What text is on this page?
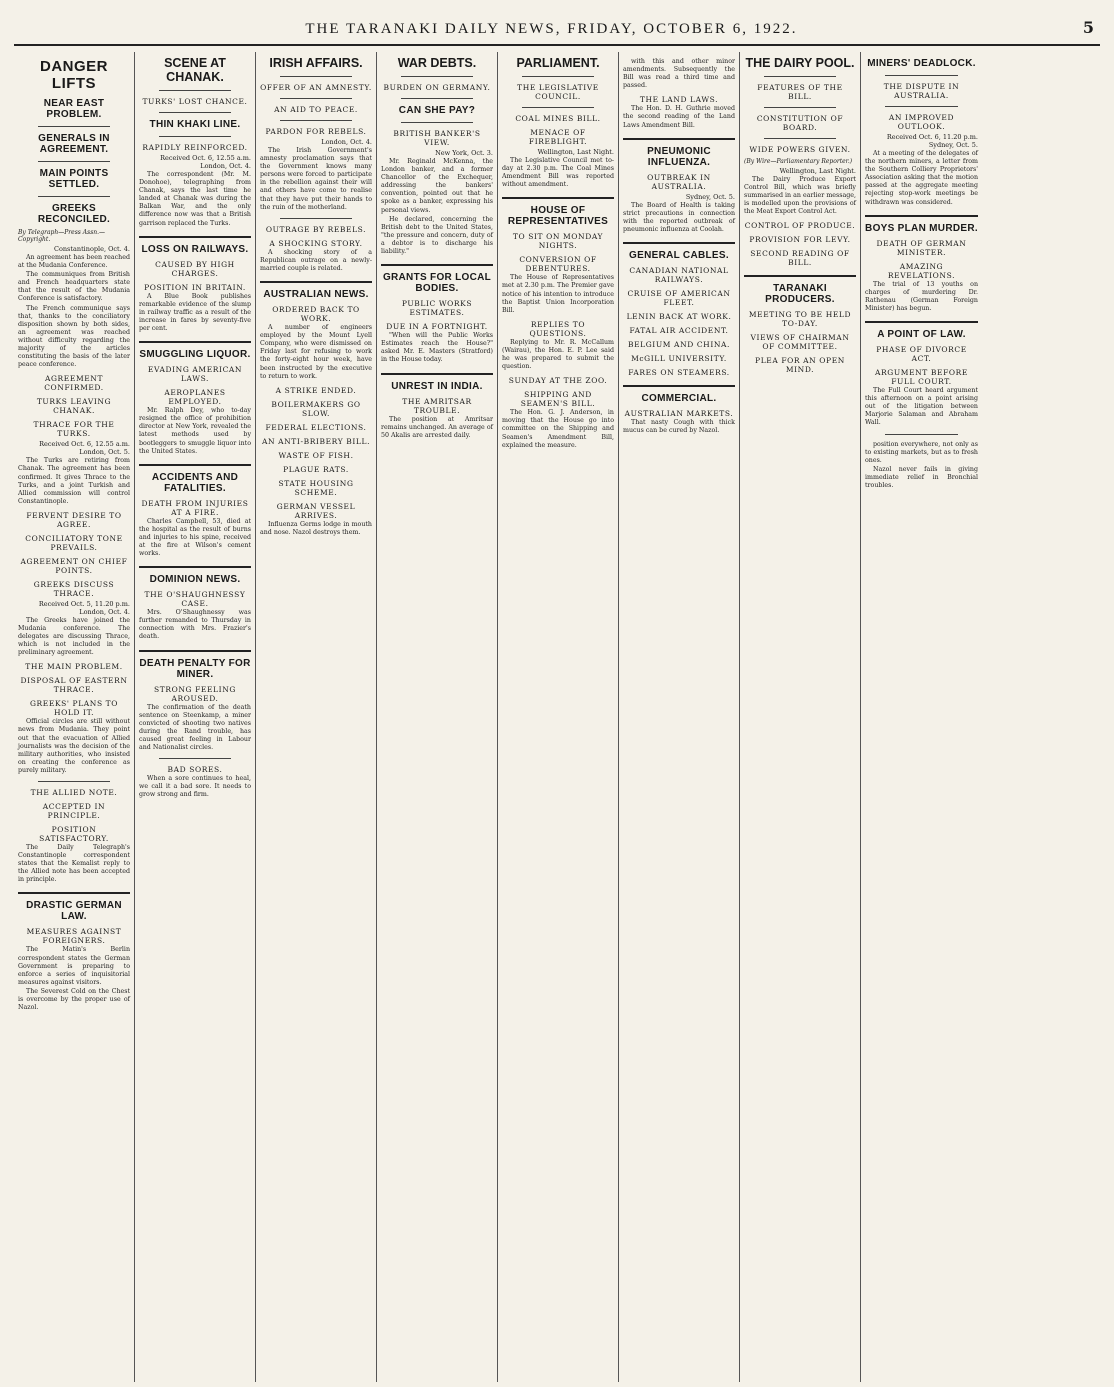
THE TARANAKI DAILY NEWS, FRIDAY, OCTOBER 6, 1922.	5

DANGER LIFTS

NEAR EAST PROBLEM.

GENERALS IN AGREEMENT.

MAIN POINTS SETTLED.

GREEKS RECONCILED.

By Telegraph—Press Assn.—Copyright.

Constantinople, Oct. 4.

An agreement has been reached at the Mudania Conference.

The communiques from British and French headquarters state that the result of the Mudania Conference is satisfactory.

The French communique says that, thanks to the conciliatory disposition shown by both sides, an agreement was reached without difficulty regarding the majority of the articles constituting the basis of the later peace conference.

AGREEMENT CONFIRMED.

TURKS LEAVING CHANAK.

THRACE FOR THE TURKS.

Received Oct. 6, 12.55 a.m. London, Oct. 5.

The Turks are retiring from Chanak. The agreement has been confirmed. It gives Thrace to the Turks, and a joint Turkish and Allied commission will control Constantinople.

FERVENT DESIRE TO AGREE.

CONCILIATORY TONE PREVAILS.

AGREEMENT ON CHIEF POINTS.

GREEKS DISCUSS THRACE.

Received Oct. 5, 11.20 p.m. London, Oct. 4.

The Greeks have joined the Mudania conference. The delegates are discussing Thrace, which is not included in the preliminary agreement.

THE MAIN PROBLEM.

DISPOSAL OF EASTERN THRACE.

GREEKS' PLANS TO HOLD IT.

Official circles are still without news from Mudania. They point out that the evacuation of Allied journalists was the decision of the military authorities, who insisted on creating the conference as purely military.

THE ALLIED NOTE.

ACCEPTED IN PRINCIPLE.

POSITION SATISFACTORY.

The Daily Telegraph's Constantinople correspondent states that the Kemalist reply to the Allied note has been accepted in principle.

DRASTIC GERMAN LAW.

MEASURES AGAINST FOREIGNERS.

The Matin's Berlin correspondent states the German Government is preparing to enforce a series of inquisitorial measures against visitors.

The Severest Cold on the Chest is overcome by the proper use of Nazol.

SCENE AT CHANAK.

TURKS' LOST CHANCE.

THIN KHAKI LINE.

RAPIDLY REINFORCED.

Received Oct. 6, 12.55 a.m. London, Oct. 4.

The correspondent (Mr. M. Donohoe), telegraphing from Chanak, says the last time he landed at Chanak was during the Balkan War, and the only difference now was that a British garrison replaced the Turks.

LOSS ON RAILWAYS.

CAUSED BY HIGH CHARGES.

POSITION IN BRITAIN.

A Blue Book publishes remarkable evidence of the slump in railway traffic as a result of the increase in fares by seventy-five per cent.

SMUGGLING LIQUOR.

EVADING AMERICAN LAWS.

AEROPLANES EMPLOYED.

Mr. Ralph Dey, who to-day resigned the office of prohibition director at New York, revealed the latest methods used by bootleggers to smuggle liquor into the United States.

ACCIDENTS AND FATALITIES.

DEATH FROM INJURIES AT A FIRE.

Charles Campbell, 53, died at the hospital as the result of burns and injuries to his spine, received at the fire at Wilson's cement works.

DOMINION NEWS.

THE O'SHAUGHNESSY CASE.

Mrs. O'Shaughnessy was further remanded to Thursday in connection with Mrs. Frazier's death.

DEATH PENALTY FOR MINER.

STRONG FEELING AROUSED.

The confirmation of the death sentence on Steenkamp, a miner convicted of shooting two natives during the Rand trouble, has caused great feeling in Labour and Nationalist circles.

BAD SORES.

When a sore continues to heal, we call it a bad sore. It needs to grow strong and firm.

IRISH AFFAIRS.

OFFER OF AN AMNESTY.

AN AID TO PEACE.

PARDON FOR REBELS.

London, Oct. 4.

The Irish Government's amnesty proclamation says that the Government knows many persons were forced to participate in the rebellion against their will and others have come to realise that they have put their hands to the ruin of the motherland.

OUTRAGE BY REBELS.

A SHOCKING STORY.

A shocking story of a Republican outrage on a newly-married couple is related.

AUSTRALIAN NEWS.

ORDERED BACK TO WORK.

A number of engineers employed by the Mount Lyell Company, who were dismissed on Friday last for refusing to work the forty-eight hour week, have been instructed by the executive to return to work.

A STRIKE ENDED.

BOILERMAKERS GO SLOW.

FEDERAL ELECTIONS.

AN ANTI-BRIBERY BILL.

WASTE OF FISH.

PLAGUE RATS.

STATE HOUSING SCHEME.

GERMAN VESSEL ARRIVES.

Influenza Germs lodge in mouth and nose. Nazol destroys them.

WAR DEBTS.

BURDEN ON GERMANY.

CAN SHE PAY?

BRITISH BANKER'S VIEW.

New York, Oct. 3.

Mr. Reginald McKenna, the London banker, and a former Chancellor of the Exchequer, addressing the bankers' convention, pointed out that he spoke as a banker, expressing his personal views.

He declared, concerning the British debt to the United States, "the pressure and concern, duty of a debtor is to discharge his liability."

GRANTS FOR LOCAL BODIES.

PUBLIC WORKS ESTIMATES.

DUE IN A FORTNIGHT.

"When will the Public Works Estimates reach the House?" asked Mr. E. Masters (Stratford) in the House today.

UNREST IN INDIA.

THE AMRITSAR TROUBLE.

The position at Amritsar remains unchanged. An average of 50 Akalis are arrested daily.

PARLIAMENT.

THE LEGISLATIVE COUNCIL.

COAL MINES BILL.

MENACE OF FIREBLIGHT.

Wellington, Last Night.

The Legislative Council met to-day at 2.30 p.m. The Coal Mines Amendment Bill was reported without amendment.

HOUSE OF REPRESENTATIVES

TO SIT ON MONDAY NIGHTS.

CONVERSION OF DEBENTURES.

The House of Representatives met at 2.30 p.m. The Premier gave notice of his intention to introduce the Baptist Union Incorporation Bill.

REPLIES TO QUESTIONS.

Replying to Mr. R. McCallum (Wairau), the Hon. E. P. Lee said he was prepared to submit the question.

SUNDAY AT THE ZOO.

SHIPPING AND SEAMEN'S BILL.

The Hon. G. J. Anderson, in moving that the House go into committee on the Shipping and Seamen's Amendment Bill, explained the measure.

with this and other minor amendments. Subsequently the Bill was read a third time and passed.

THE LAND LAWS.

The Hon. D. H. Guthrie moved the second reading of the Land Laws Amendment Bill.

PNEUMONIC INFLUENZA.

OUTBREAK IN AUSTRALIA.

Sydney, Oct. 5.

The Board of Health is taking strict precautions in connection with the reported outbreak of pneumonic influenza at Coolah.

GENERAL CABLES.

CANADIAN NATIONAL RAILWAYS.

CRUISE OF AMERICAN FLEET.

LENIN BACK AT WORK.

FATAL AIR ACCIDENT.

BELGIUM AND CHINA.

McGILL UNIVERSITY.

FARES ON STEAMERS.

COMMERCIAL.

AUSTRALIAN MARKETS.

That nasty Cough with thick mucus can be cured by Nazol.

THE DAIRY POOL.

FEATURES OF THE BILL.

CONSTITUTION OF BOARD.

WIDE POWERS GIVEN.

(By Wire—Parliamentary Reporter.)

Wellington, Last Night.

The Dairy Produce Export Control Bill, which was briefly summarised in an earlier message, is modelled upon the provisions of the Meat Export Control Act.

CONTROL OF PRODUCE.

PROVISION FOR LEVY.

SECOND READING OF BILL.

TARANAKI PRODUCERS.

MEETING TO BE HELD TO-DAY.

VIEWS OF CHAIRMAN OF COMMITTEE.

PLEA FOR AN OPEN MIND.

MINERS' DEADLOCK.

THE DISPUTE IN AUSTRALIA.

AN IMPROVED OUTLOOK.

Received Oct. 6, 11.20 p.m. Sydney, Oct. 5.

At a meeting of the delegates of the northern miners, a letter from the Southern Colliery Proprietors' Association asking that the motion passed at the aggregate meeting rejecting stop-work meetings be withdrawn was considered.

BOYS PLAN MURDER.

DEATH OF GERMAN MINISTER.

AMAZING REVELATIONS.

The trial of 13 youths on charges of murdering Dr. Rathenau (German Foreign Minister) has begun.

A POINT OF LAW.

PHASE OF DIVORCE ACT.

ARGUMENT BEFORE FULL COURT.

The Full Court heard argument this afternoon on a point arising out of the litigation between Marjorie Salaman and Abraham Wall.

position everywhere, not only as to existing markets, but as to fresh ones.

Nazol never fails in giving immediate relief in Bronchial troubles.
